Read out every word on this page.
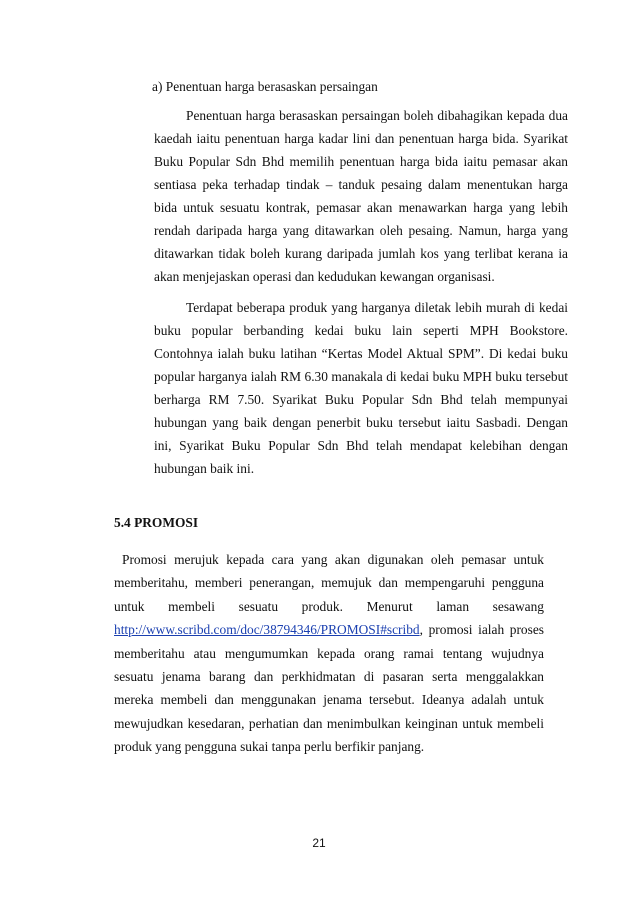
a) Penentuan harga berasaskan persaingan

Penentuan harga berasaskan persaingan boleh dibahagikan kepada dua kaedah iaitu penentuan harga kadar lini dan penentuan harga bida. Syarikat Buku Popular Sdn Bhd memilih penentuan harga bida iaitu pemasar akan sentiasa peka terhadap tindak – tanduk pesaing dalam menentukan harga bida untuk sesuatu kontrak, pemasar akan menawarkan harga yang lebih rendah daripada harga yang ditawarkan oleh pesaing. Namun, harga yang ditawarkan tidak boleh kurang daripada jumlah kos yang terlibat kerana ia akan menjejaskan operasi dan kedudukan kewangan organisasi.

Terdapat beberapa produk yang harganya diletak lebih murah di kedai buku popular berbanding kedai buku lain seperti MPH Bookstore. Contohnya ialah buku latihan “Kertas Model Aktual SPM”. Di kedai buku popular harganya ialah RM 6.30 manakala di kedai buku MPH buku tersebut berharga RM 7.50. Syarikat Buku Popular Sdn Bhd telah mempunyai hubungan yang baik dengan penerbit buku tersebut iaitu Sasbadi. Dengan ini, Syarikat Buku Popular Sdn Bhd telah mendapat kelebihan dengan hubungan baik ini.

5.4 PROMOSI

Promosi merujuk kepada cara yang akan digunakan oleh pemasar untuk memberitahu, memberi penerangan, memujuk dan mempengaruhi pengguna untuk membeli sesuatu produk. Menurut laman sesawang http://www.scribd.com/doc/38794346/PROMOSI#scribd, promosi ialah proses memberitahu atau mengumumkan kepada orang ramai tentang wujudnya sesuatu jenama barang dan perkhidmatan di pasaran serta menggalakkan mereka membeli dan menggunakan jenama tersebut. Ideanya adalah untuk mewujudkan kesedaran, perhatian dan menimbulkan keinginan untuk membeli produk yang pengguna sukai tanpa perlu berfikir panjang.

21
